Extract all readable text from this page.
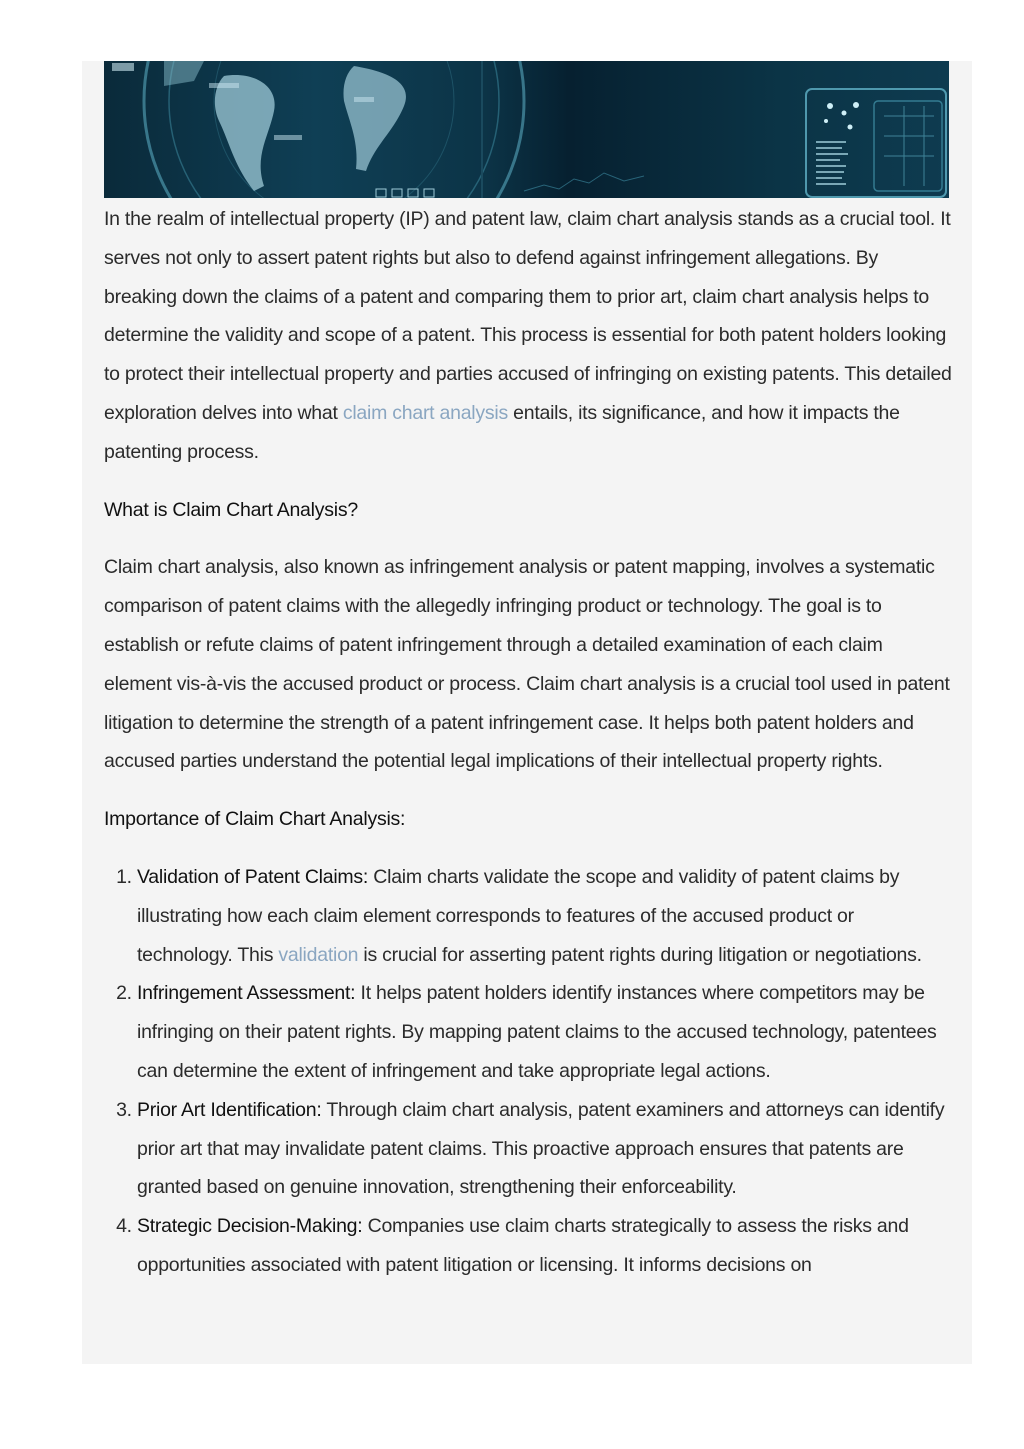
In the realm of intellectual property (IP) and patent law, claim chart analysis stands as a crucial tool. It serves not only to assert patent rights but also to defend against infringement allegations. By breaking down the claims of a patent and comparing them to prior art, claim chart analysis helps to determine the validity and scope of a patent. This process is essential for both patent holders looking to protect their intellectual property and parties accused of infringing on existing patents. This detailed exploration delves into what claim chart analysis entails, its significance, and how it impacts the patenting process.

What is Claim Chart Analysis?

Claim chart analysis, also known as infringement analysis or patent mapping, involves a systematic comparison of patent claims with the allegedly infringing product or technology. The goal is to establish or refute claims of patent infringement through a detailed examination of each claim element vis-à-vis the accused product or process. Claim chart analysis is a crucial tool used in patent litigation to determine the strength of a patent infringement case. It helps both patent holders and accused parties understand the potential legal implications of their intellectual property rights.

Importance of Claim Chart Analysis:
1. Validation of Patent Claims: Claim charts validate the scope and validity of patent claims by illustrating how each claim element corresponds to features of the accused product or technology. This validation is crucial for asserting patent rights during litigation or negotiations.
2. Infringement Assessment: It helps patent holders identify instances where competitors may be infringing on their patent rights. By mapping patent claims to the accused technology, patentees can determine the extent of infringement and take appropriate legal actions.
3. Prior Art Identification: Through claim chart analysis, patent examiners and attorneys can identify prior art that may invalidate patent claims. This proactive approach ensures that patents are granted based on genuine innovation, strengthening their enforceability.
4. Strategic Decision-Making: Companies use claim charts strategically to assess the risks and opportunities associated with patent litigation or licensing. It informs decisions on
